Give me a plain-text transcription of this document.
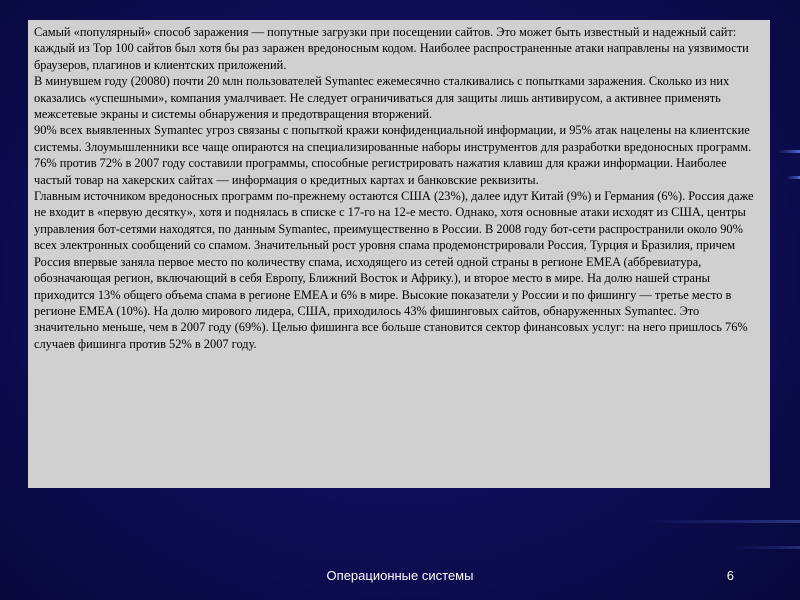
Самый «популярный» способ заражения — попутные загрузки при посещении сайтов. Это может быть известный и надежный сайт: каждый из Top 100 сайтов был хотя бы раз заражен вредоносным кодом. Наиболее распространенные атаки направлены на уязвимости браузеров, плагинов и клиентских приложений.

В минувшем году (20080) почти 20 млн пользователей Symantec ежемесячно сталкивались с попытками заражения. Сколько из них оказались «успешными», компания умалчивает. Не следует ограничиваться для защиты лишь антивирусом, а активнее применять межсетевые экраны и системы обнаружения и предотвращения вторжений.

90% всех выявленных Symantec угроз связаны с попыткой кражи конфиденциальной информации, и 95% атак нацелены на клиентские системы. Злоумышленники все чаще опираются на специализированные наборы инструментов для разработки вредоносных программ. 76% против 72% в 2007 году составили программы, способные регистрировать нажатия клавиш для кражи информации. Наиболее частый товар на хакерских сайтах — информация о кредитных картах и банковские реквизиты.

Главным источником вредоносных программ по-прежнему остаются США (23%), далее идут Китай (9%) и Германия (6%). Россия даже не входит в «первую десятку», хотя и поднялась в списке с 17-го на 12-е место. Однако, хотя основные атаки исходят из США, центры управления бот-сетями находятся, по данным Symantec, преимущественно в России. В 2008 году бот-сети распространили около 90% всех электронных сообщений со спамом. Значительный рост уровня спама продемонстрировали Россия, Турция и Бразилия, причем Россия впервые заняла первое место по количеству спама, исходящего из сетей одной страны в регионе EMEA (аббревиатура, обозначающая регион, включающий в себя Европу, Ближний Восток и Африку.), и второе место в мире. На долю нашей страны приходится 13% общего объема спама в регионе EMEA и 6% в мире. Высокие показатели у России и по фишингу — третье место в регионе EMEA (10%). На долю мирового лидера, США, приходилось 43% фишинговых сайтов, обнаруженных Symantec. Это значительно меньше, чем в 2007 году (69%). Целью фишинга все больше становится сектор финансовых услуг: на него пришлось 76% случаев фишинга против 52% в 2007 году.

Операционные системы	6
